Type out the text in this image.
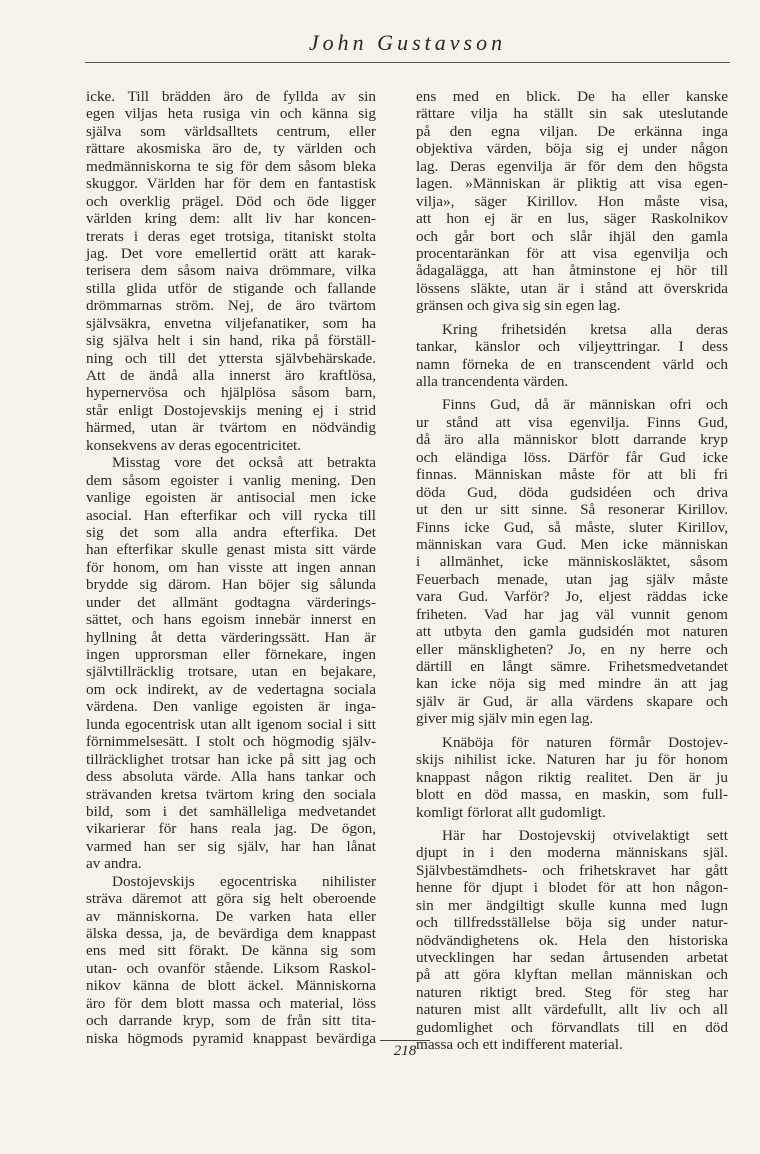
John Gustavson
icke. Till brädden äro de fyllda av sin
egen viljas heta rusiga vin och känna sig
själva som världsalltets centrum, eller
rättare akosmiska äro de, ty världen och
medmänniskorna te sig för dem såsom bleka
skuggor. Världen har för dem en fantastisk
och overklig prägel. Död och öde ligger
världen kring dem: allt liv har koncen-
trerats i deras eget trotsiga, titaniskt stolta
jag. Det vore emellertid orätt att karak-
terisera dem såsom naiva drömmare, vilka
stilla glida utför de stigande och fallande
drömmarnas ström. Nej, de äro tvärtom
självsäkra, envetna viljefanatiker, som ha
sig själva helt i sin hand, rika på förställ-
ning och till det yttersta självbehärskade.
Att de ändå alla innerst äro kraftlösa,
hypernervösa och hjälplösa såsom barn,
står enligt Dostojevskijs mening ej i strid
härmed, utan är tvärtom en nödvändig
konsekvens av deras egocentricitet.
Misstag vore det också att betrakta
dem såsom egoister i vanlig mening. Den
vanlige egoisten är antisocial men icke
asocial. Han efterfikar och vill rycka till
sig det som alla andra efterfika. Det
han efterfikar skulle genast mista sitt värde
för honom, om han visste att ingen annan
brydde sig därom. Han böjer sig sålunda
under det allmänt godtagna värderings-
sättet, och hans egoism innebär innerst en
hyllning åt detta värderingssätt. Han är
ingen upprorsman eller förnekare, ingen
självtillräcklig trotsare, utan en bejakare,
om ock indirekt, av de vedertagna sociala
värdena. Den vanlige egoisten är inga-
lunda egocentrisk utan allt igenom social i sitt
förnimmelsesätt. I stolt och högmodig själv-
tillräcklighet trotsar han icke på sitt jag och
dess absoluta värde. Alla hans tankar och
strävanden kretsa tvärtom kring den sociala
bild, som i det samhälleliga medvetandet
vikarierar för hans reala jag. De ögon,
varmed han ser sig själv, har han lånat
av andra.
Dostojevskijs egocentriska nihilister
sträva däremot att göra sig helt oberoende
av människorna. De varken hata eller
älska dessa, ja, de bevärdiga dem knappast
ens med sitt förakt. De känna sig som
utan- och ovanför stående. Liksom Raskol-
nikov känna de blott äckel. Människorna
äro för dem blott massa och material, löss
och darrande kryp, som de från sitt tita-
niska högmods pyramid knappast bevärdiga
ens med en blick. De ha eller kanske
rättare vilja ha ställt sin sak uteslutande
på den egna viljan. De erkänna inga
objektiva värden, böja sig ej under någon
lag. Deras egenvilja är för dem den högsta
lagen. »Människan är pliktig att visa egen-
vilja», säger Kirillov. Hon måste visa,
att hon ej är en lus, säger Raskolnikov
och går bort och slår ihjäl den gamla
procentaränkan för att visa egenvilja och
ådagalägga, att han åtminstone ej hör till
lössens släkte, utan är i stånd att överskrida
gränsen och giva sig sin egen lag.
Kring frihetsidén kretsa alla deras
tankar, känslor och viljeyttringar. I dess
namn förneka de en transcendent värld och
alla trancendenta värden.
Finns Gud, då är människan ofri och
ur stånd att visa egenvilja. Finns Gud,
då äro alla människor blott darrande kryp
och eländiga löss. Därför får Gud icke
finnas. Människan måste för att bli fri
döda Gud, döda gudsidéen och driva
ut den ur sitt sinne. Så resonerar Kirillov.
Finns icke Gud, så måste, sluter Kirillov,
människan vara Gud. Men icke människan
i allmänhet, icke människosläktet, såsom
Feuerbach menade, utan jag själv måste
vara Gud. Varför? Jo, eljest räddas icke
friheten. Vad har jag väl vunnit genom
att utbyta den gamla gudsidén mot naturen
eller mänskligheten? Jo, en ny herre och
därtill en långt sämre. Frihetsmedvetandet
kan icke nöja sig med mindre än att jag
själv är Gud, är alla värdens skapare och
giver mig själv min egen lag.
Knäböja för naturen förmår Dostojev-
skijs nihilist icke. Naturen har ju för honom
knappast någon riktig realitet. Den är ju
blott en död massa, en maskin, som full-
komligt förlorat allt gudomligt.
Här har Dostojevskij otvivelaktigt sett
djupt in i den moderna människans själ.
Självbestämdhets- och frihetskravet har gått
henne för djupt i blodet för att hon någon-
sin mer ändgiltigt skulle kunna med lugn
och tillfredsställelse böja sig under natur-
nödvändighetens ok. Hela den historiska
utvecklingen har sedan årtusenden arbetat
på att göra klyftan mellan människan och
naturen riktigt bred. Steg för steg har
naturen mist allt värdefullt, allt liv och all
gudomlighet och förvandlats till en död
massa och ett indifferent material.
218
